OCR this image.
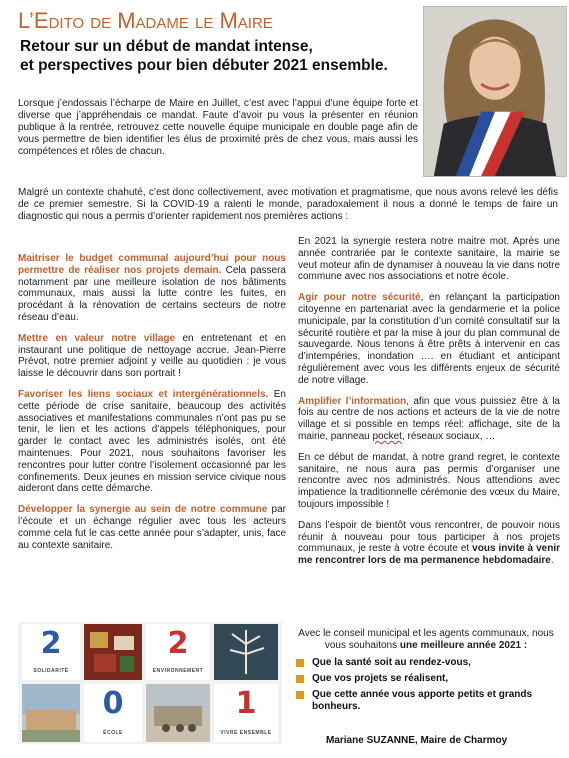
L’Edito de Madame le Maire
Retour sur un début de mandat intense,
et perspectives pour bien débuter 2021 ensemble.
Lorsque j’endossais l’écharpe de Maire en Juillet, c’est avec l’appui d’une équipe forte et diverse que j’appréhendais ce mandat. Faute d’avoir pu vous la présenter en réunion publique à la rentrée, retrouvez cette nouvelle équipe municipale en double page afin de vous permettre de bien identifier les élus de proximité près de chez vous, mais aussi les compétences et rôles de chacun.
Malgré un contexte chahuté, c’est donc collectivement, avec motivation et pragmatisme, que nous avons relevé les défis de ce premier semestre. Si la COVID-19 a ralenti le monde, paradoxalement il nous a donné le temps de faire un diagnostic qui nous a permis d’orienter rapidement nos premières actions :
Maitriser le budget communal aujourd’hui pour nous permettre de réaliser nos projets demain. Cela passera notamment par une meilleure isolation de nos bâtiments communaux, mais aussi la lutte contre les fuites, en procédant à la rénovation de certains secteurs de notre réseau d’eau.
Mettre en valeur notre village en entretenant et en instaurant une politique de nettoyage accrue. Jean-Pierre Prévot, notre premier adjoint y veille au quotidien : je vous laisse le découvrir dans son portrait !
Favoriser les liens sociaux et intergénérationnels. En cette période de crise sanitaire, beaucoup des activités associatives et manifestations communales n’ont pas pu se tenir, le lien et les actions d’appels téléphoniques, pour garder le contact avec les administrés isolés, ont été maintenues. Pour 2021, nous souhaitons favoriser les rencontres pour lutter contre l’isolement occasionné par les confinements. Deux jeunes en mission service civique nous aideront dans cette démarche.
Développer la synergie au sein de notre commune par l’écoute et un échange régulier avec tous les acteurs comme cela fut le cas cette année pour s’adapter, unis, face au contexte sanitaire.
En 2021 la synergie restera notre maitre mot. Après une année contrariée par le contexte sanitaire, la mairie se veut moteur afin de dynamiser à nouveau la vie dans notre commune avec nos associations et notre école.
Agir pour notre sécurité, en relançant la participation citoyenne en partenariat avec la gendarmerie et la police municipale, par la constitution d’un comité consultatif sur la sécurité routière et par la mise à jour du plan communal de sauvegarde. Nous tenons à être prêts à intervenir en cas d’intempéries, inondation …. en étudiant et anticipant régulièrement avec vous les différents enjeux de sécurité de notre village.
Amplifier l’information, afin que vous puissiez être à la fois au centre de nos actions et acteurs de la vie de notre village et si possible en temps réel: affichage, site de la mairie, panneau pocket, réseaux sociaux, …
En ce début de mandat, à notre grand regret, le contexte sanitaire, ne nous aura pas permis d’organiser une rencontre avec nos administrés. Nous attendions avec impatience la traditionnelle cérémonie des vœux du Maire, toujours impossible !
Dans l’espoir de bientôt vous rencontrer, de pouvoir nous réunir à nouveau pour tous participer à nos projets communaux, je reste à votre écoute et vous invite à venir me rencontrer lors de ma permanence hebdomadaire.
2
SOLIDARITÉ
2
ENVIRONNEMENT
0
ÉCOLE
1
VIVRE ENSEMBLE
Avec le conseil municipal et les agents communaux, nous vous souhaitons une meilleure année 2021 :
Que la santé soit au rendez-vous,
Que vos projets se réalisent,
Que cette année vous apporte petits et grands bonheurs.
Mariane SUZANNE, Maire de Charmoy
